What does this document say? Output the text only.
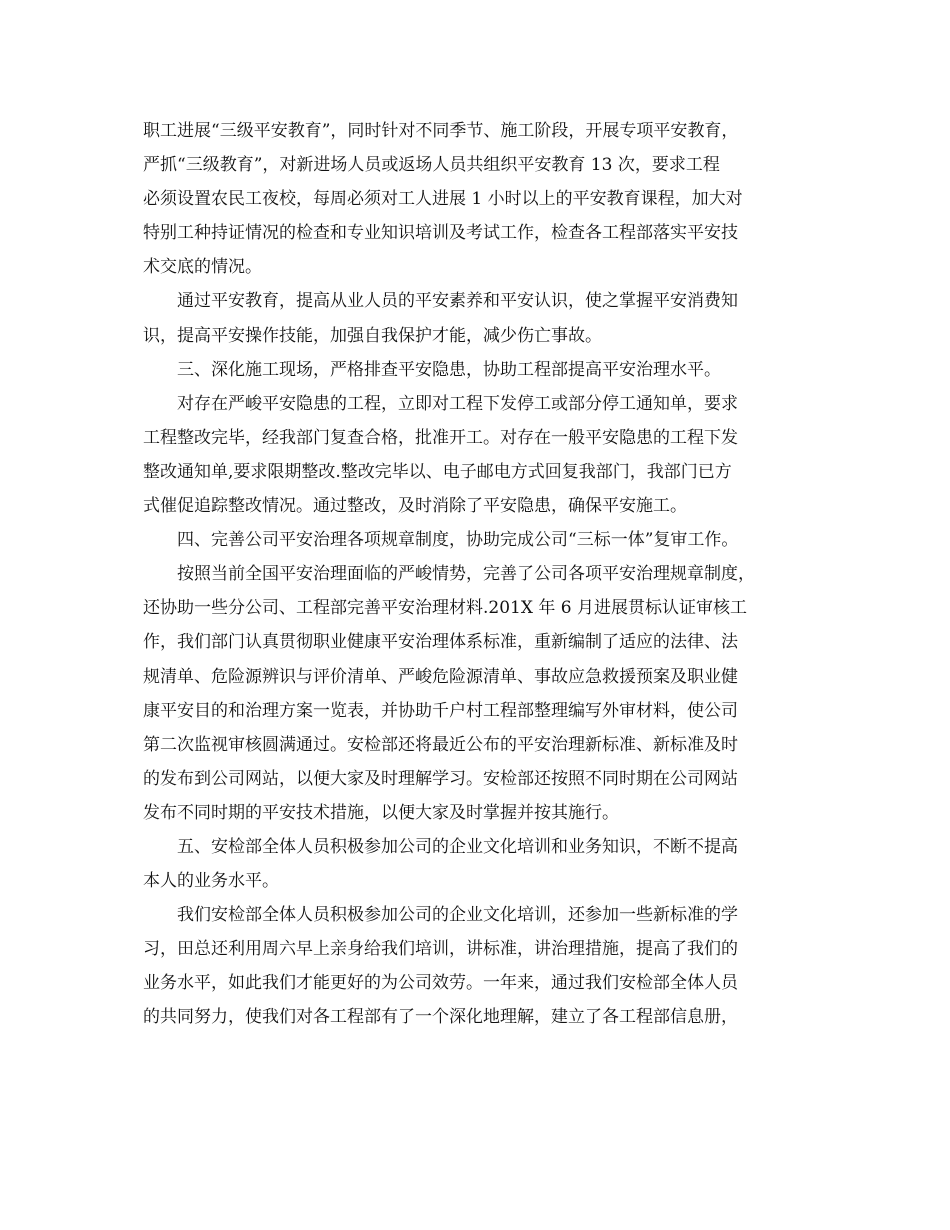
职工进展“三级平安教育”，同时针对不同季节、施工阶段，开展专项平安教育，
严抓“三级教育”，对新进场人员或返场人员共组织平安教育 13 次，要求工程
必须设置农民工夜校，每周必须对工人进展 1 小时以上的平安教育课程，加大对
特别工种持证情况的检查和专业知识培训及考试工作，检查各工程部落实平安技
术交底的情况。
　　通过平安教育，提高从业人员的平安素养和平安认识，使之掌握平安消费知
识，提高平安操作技能，加强自我保护才能，减少伤亡事故。
　　三、深化施工现场，严格排查平安隐患，协助工程部提高平安治理水平。
　　对存在严峻平安隐患的工程，立即对工程下发停工或部分停工通知单，要求
工程整改完毕，经我部门复查合格，批准开工。对存在一般平安隐患的工程下发
整改通知单,要求限期整改.整改完毕以、电子邮电方式回复我部门，我部门已方
式催促追踪整改情况。通过整改，及时消除了平安隐患，确保平安施工。
　　四、完善公司平安治理各项规章制度，协助完成公司“三标一体”复审工作。
　　按照当前全国平安治理面临的严峻情势，完善了公司各项平安治理规章制度，
还协助一些分公司、工程部完善平安治理材料.201X 年 6 月进展贯标认证审核工
作，我们部门认真贯彻职业健康平安治理体系标准，重新编制了适应的法律、法
规清单、危险源辨识与评价清单、严峻危险源清单、事故应急救援预案及职业健
康平安目的和治理方案一览表，并协助千户村工程部整理编写外审材料，使公司
第二次监视审核圆满通过。安检部还将最近公布的平安治理新标准、新标准及时
的发布到公司网站，以便大家及时理解学习。安检部还按照不同时期在公司网站
发布不同时期的平安技术措施，以便大家及时掌握并按其施行。
　　五、安检部全体人员积极参加公司的企业文化培训和业务知识，不断不提高
本人的业务水平。
　　我们安检部全体人员积极参加公司的企业文化培训，还参加一些新标准的学
习，田总还利用周六早上亲身给我们培训，讲标准，讲治理措施，提高了我们的
业务水平，如此我们才能更好的为公司效劳。一年来，通过我们安检部全体人员
的共同努力，使我们对各工程部有了一个深化地理解，建立了各工程部信息册，
